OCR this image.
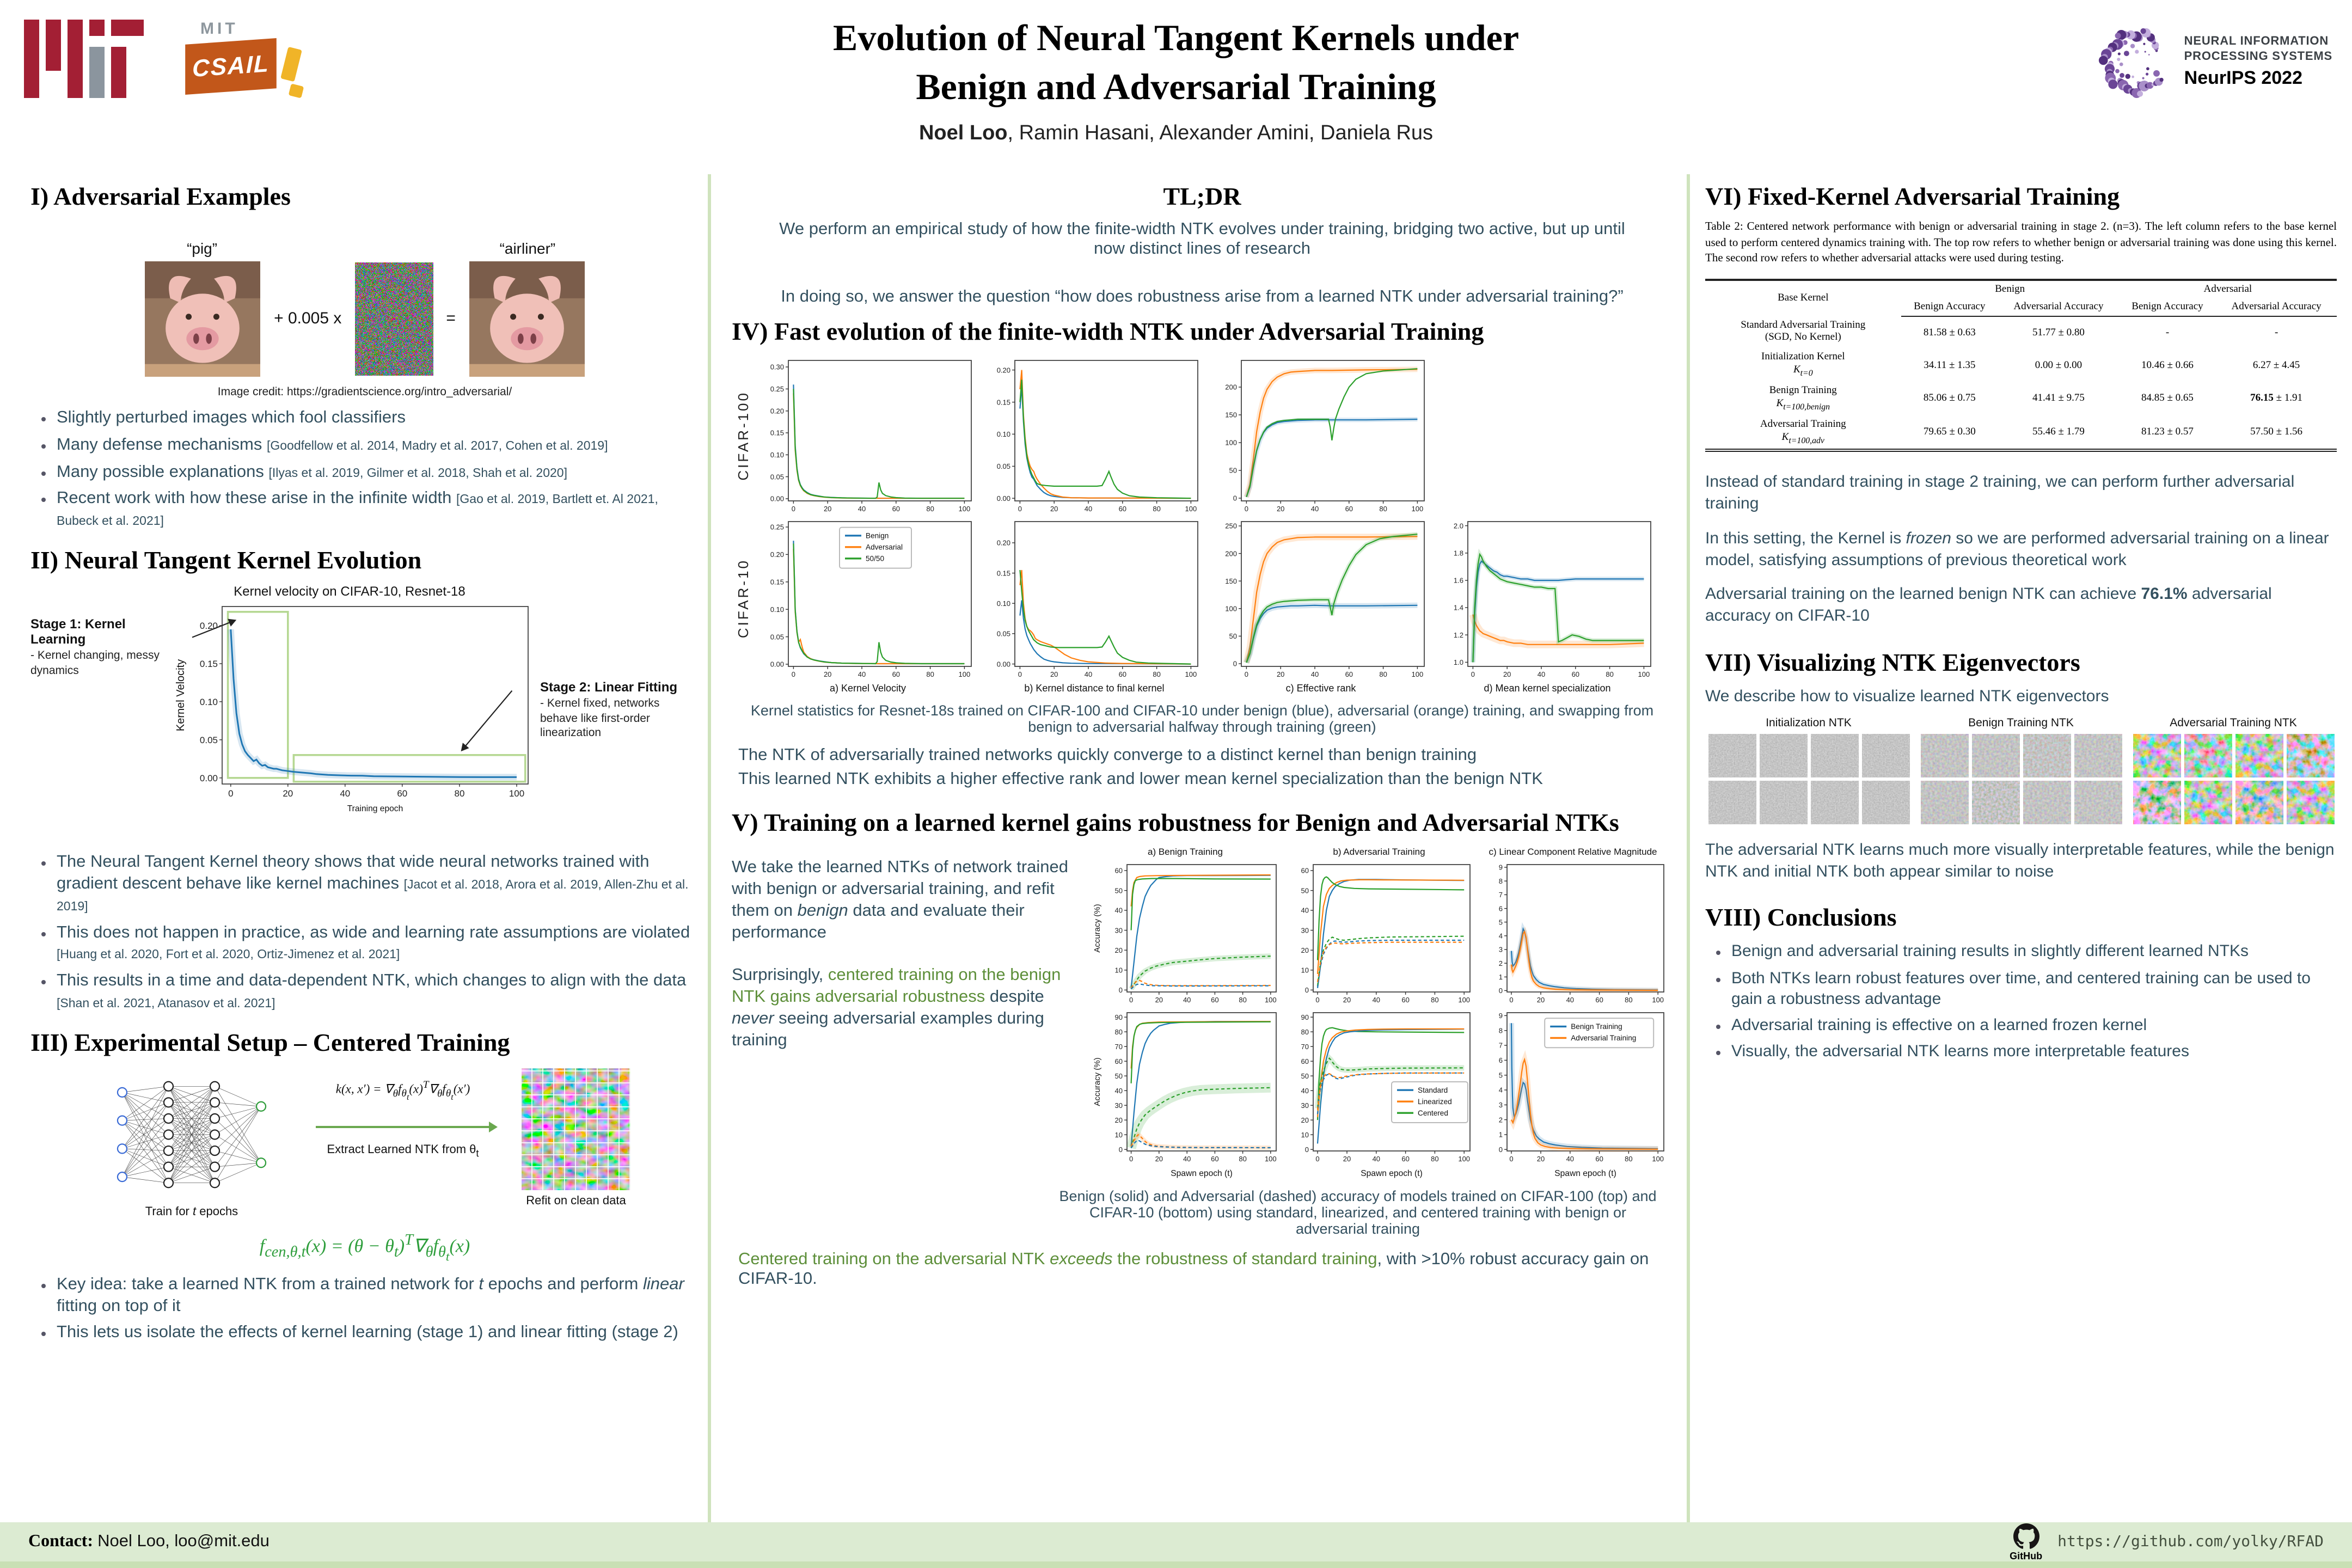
MIT
CSAIL
Evolution of Neural Tangent Kernels under
Benign and Adversarial Training
Noel Loo, Ramin Hasani, Alexander Amini, Daniela Rus
NEURAL INFORMATION
PROCESSING SYSTEMS
NeurIPS 2022
I) Adversarial Examples
“pig”
+ 0.005 x
	=
“airliner”
Image credit: https://gradientscience.org/intro_adversarial/
• Slightly perturbed images which fool classifiers
• Many defense mechanisms [Goodfellow et al. 2014, Madry et al. 2017, Cohen et al. 2019]
• Many possible explanations [Ilyas et al. 2019, Gilmer et al. 2018, Shah et al. 2020]
• Recent work with how these arise in the infinite width [Gao et al. 2019, Bartlett et. Al 2021, Bubeck et al. 2021]
II) Neural Tangent Kernel Evolution
Kernel velocity on CIFAR-10, Resnet-18
Stage 1: Kernel Learning
- Kernel changing, messy dynamics
0	20	40	60	80	100
0.00
0.05
0.10
0.15
0.20
Training epoch
Kernel Velocity	Stage 2: Linear Fitting
- Kernel fixed, networks behave like first-order linearization
• The Neural Tangent Kernel theory shows that wide neural networks trained with gradient descent behave like kernel machines [Jacot et al. 2018, Arora et al. 2019, Allen-Zhu et al. 2019]
• This does not happen in practice, as wide and learning rate assumptions are violated [Huang et al. 2020, Fort et al. 2020, Ortiz-Jimenez et al. 2021]
• This results in a time and data-dependent NTK, which changes to align with the data [Shan et al. 2021, Atanasov et al. 2021]
III) Experimental Setup – Centered Training
Train for t epochs
k(x, $x') = \nabla_\theta f_{\theta_t}(x)^T\nabla_\theta f_{\theta_t}(x')$
Extract Learned NTK from $\theta_t$
Refit on clean data
$f_{cen,\theta,t}(x) = (\theta - \theta_t)^T\nabla_\theta f_{\theta_t}(x)$
• Key idea: take a learned NTK from a trained network for t epochs and perform linear fitting on top of it
• This lets us isolate the effects of kernel learning (stage 1) and linear fitting (stage 2)
TL;DR

We perform an empirical study of how the finite-width NTK evolves under training, bridging two active, but up until now distinct lines of research

In doing so, we answer the question “how does robustness arise from a learned NTK under adversarial training?”

IV) Fast evolution of the finite-width NTK under Adversarial Training
CIFAR-100
0	20	40	60	80	100
0.00
0.05
0.10
0.15
0.20
0.25
0.30
0	20	40	60	80	100
0.00
0.05
0.10
0.15
0.20
0	20	40	60	80	100
0
50
100
150
200
CIFAR-10
0	20	40	60	80	100
0.00
0.05
0.10
0.15
0.20
0.25
Benign
Adversarial
50/50
0	20	40	60	80	100
0.00
0.05
0.10
0.15
0.20
0	20	40	60	80	100
0
50
100
150
200
250
0	20	40	60	80	100
1.0
1.2
1.4
1.6
1.8
2.0
a) Kernel Velocity	b) Kernel distance to final kernel	c) Effective rank	d) Mean kernel specialization
Kernel statistics for Resnet-18s trained on CIFAR-100 and CIFAR-10 under benign (blue), adversarial (orange) training, and swapping from benign to adversarial halfway through training (green)

The NTK of adversarially trained networks quickly converge to a distinct kernel than benign training

This learned NTK exhibits a higher effective rank and lower mean kernel specialization than the benign NTK

V) Training on a learned kernel gains robustness for Benign and Adversarial NTKs

We take the learned NTKs of network trained with benign or adversarial training, and refit them on benign data and evaluate their performance

Surprisingly, centered training on the benign NTK gains adversarial robustness despite never seeing adversarial examples during training

a) Benign Training	b) Adversarial Training	c) Linear Component Relative Magnitude
0	20	40	60	80	100
0
10
20
30
40
50
60
Accuracy (%)
0	20	40	60	80	100
0
10
20
30
40
50
60
0	20	40	60	80	100
0
1
2
3
4
5
6
7
8
9
0	20	40	60	80	100
0
10
20
30
40
50
60
70
80
90
Spawn epoch (t)
Accuracy (%)
0	20	40	60	80	100
0
10
20
30
40
50
60
70
80
90
Standard
Linearized
Centered
Spawn epoch (t)
0	20	40	60	80	100
0
1
2
3
4
5
6
7
8
9
Benign Training
Adversarial Training
Spawn epoch (t)
Benign (solid) and Adversarial (dashed) accuracy of models trained on CIFAR-100 (top) and CIFAR-10 (bottom) using standard, linearized, and centered training with benign or adversarial training

Centered training on the adversarial NTK exceeds the robustness of standard training, with >10% robust accuracy gain on CIFAR-10.

VI) Fixed-Kernel Adversarial Training
Table 2: Centered network performance with benign or adversarial training in stage 2. (n=3). The left column refers to the base kernel used to perform centered dynamics training with. The top row refers to whether benign or adversarial training was done using this kernel. The second row refers to whether adversarial attacks were used during testing.
Base Kernel	Benign		Adversarial	
	Benign Accuracy	Adversarial Accuracy	Benign Accuracy	Adversarial Accuracy
Standard Adversarial Training
(SGD, No Kernel)	81.58 ± 0.63	51.77 ± 0.80	-	-
Initialization Kernel
$K_{t=0}$	34.11 ± 1.35	0.00 ± 0.00	10.46 ± 0.66	6.27 ± 4.45
Benign Training
$K_{t=100,benign}$	85.06 ± 0.75	41.41 ± 9.75	84.85 ± 0.65	76.15 ± 1.91
Adversarial Training
$K_{t=100,adv}$	79.65 ± 0.30	55.46 ± 1.79	81.23 ± 0.57	57.50 ± 1.56

Instead of standard training in stage 2 training, we can perform further adversarial training

In this setting, the Kernel is frozen so we are performed adversarial training on a linear model, satisfying assumptions of previous theoretical work

Adversarial training on the learned benign NTK can achieve 76.1% adversarial accuracy on CIFAR-10

VII) Visualizing NTK Eigenvectors

We describe how to visualize learned NTK eigenvectors

Initialization NTK	Benign Training NTK	Adversarial Training NTK

The adversarial NTK learns much more visually interpretable features, while the benign NTK and initial NTK both appear similar to noise

VIII) Conclusions
• Benign and adversarial training results in slightly different learned NTKs
• Both NTKs learn robust features over time, and centered training can be used to gain a robustness advantage
• Adversarial training is effective on a learned frozen kernel
• Visually, the adversarial NTK learns more interpretable features
Contact: Noel Loo, loo@mit.edu
GitHub
https://github.com/yolky/RFAD
